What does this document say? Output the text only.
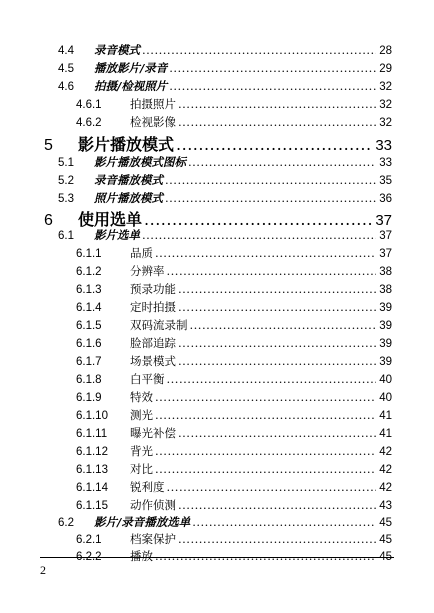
4.4	录音模式 .....	28
4.5	播放影片/录音 .....	29
4.6	拍摄/检视照片 .....	32
4.6.1	拍摄照片 .....	32
4.6.2	检视影像 .....	32
5	影片播放模式 .....	33
5.1	影片播放模式图标 .....	33
5.2	录音播放模式 .....	35
5.3	照片播放模式 .....	36
6	使用选单 .....	37
6.1	影片选单 .....	37
6.1.1	品质 .....	37
6.1.2	分辨率 .....	38
6.1.3	预录功能 .....	38
6.1.4	定时拍摄 .....	39
6.1.5	双码流录制 .....	39
6.1.6	脸部追踪 .....	39
6.1.7	场景模式 .....	39
6.1.8	白平衡 .....	40
6.1.9	特效 .....	40
6.1.10	测光 .....	41
6.1.11	曝光补偿 .....	41
6.1.12	背光 .....	42
6.1.13	对比 .....	42
6.1.14	锐利度 .....	42
6.1.15	动作侦测 .....	43
6.2	影片/录音播放选单 .....	45
6.2.1	档案保护 .....	45
6.2.2	播放 .....	45
2
